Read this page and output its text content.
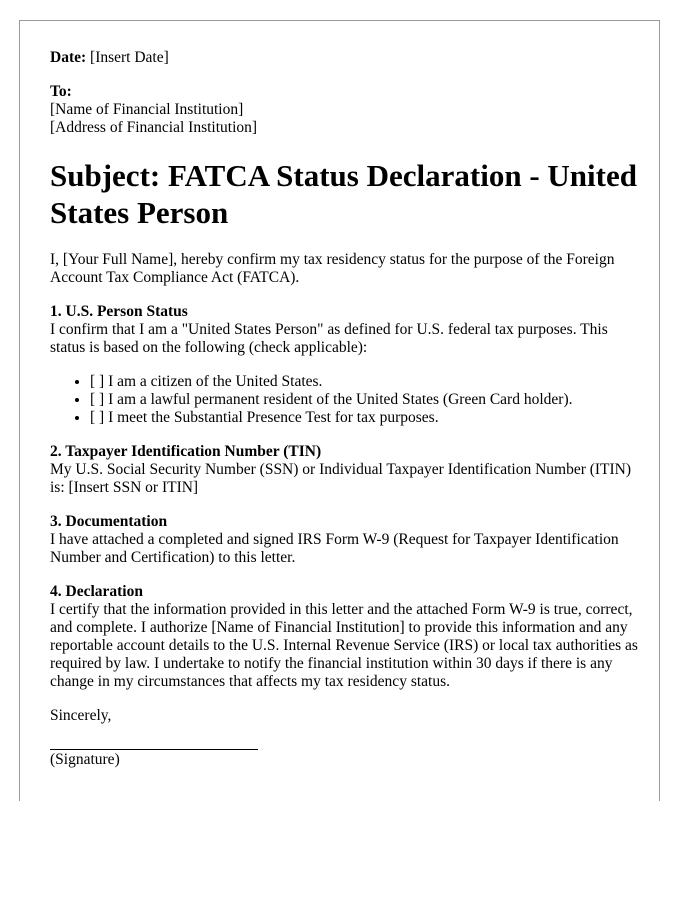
Date: [Insert Date]

To:

[Name of Financial Institution]

[Address of Financial Institution]

Subject: FATCA Status Declaration - United States Person

I, [Your Full Name], hereby confirm my tax residency status for the purpose of the Foreign Account Tax Compliance Act (FATCA).

1. U.S. Person Status

I confirm that I am a "United States Person" as defined for U.S. federal tax purposes. This status is based on the following (check applicable):

• [ ] I am a citizen of the United States.
• [ ] I am a lawful permanent resident of the United States (Green Card holder).
• [ ] I meet the Substantial Presence Test for tax purposes.

2. Taxpayer Identification Number (TIN)

My U.S. Social Security Number (SSN) or Individual Taxpayer Identification Number (ITIN) is: [Insert SSN or ITIN]

3. Documentation

I have attached a completed and signed IRS Form W-9 (Request for Taxpayer Identification Number and Certification) to this letter.

4. Declaration

I certify that the information provided in this letter and the attached Form W-9 is true, correct, and complete. I authorize [Name of Financial Institution] to provide this information and any reportable account details to the U.S. Internal Revenue Service (IRS) or local tax authorities as required by law. I undertake to notify the financial institution within 30 days if there is any change in my circumstances that affects my tax residency status.

Sincerely,

(Signature)
